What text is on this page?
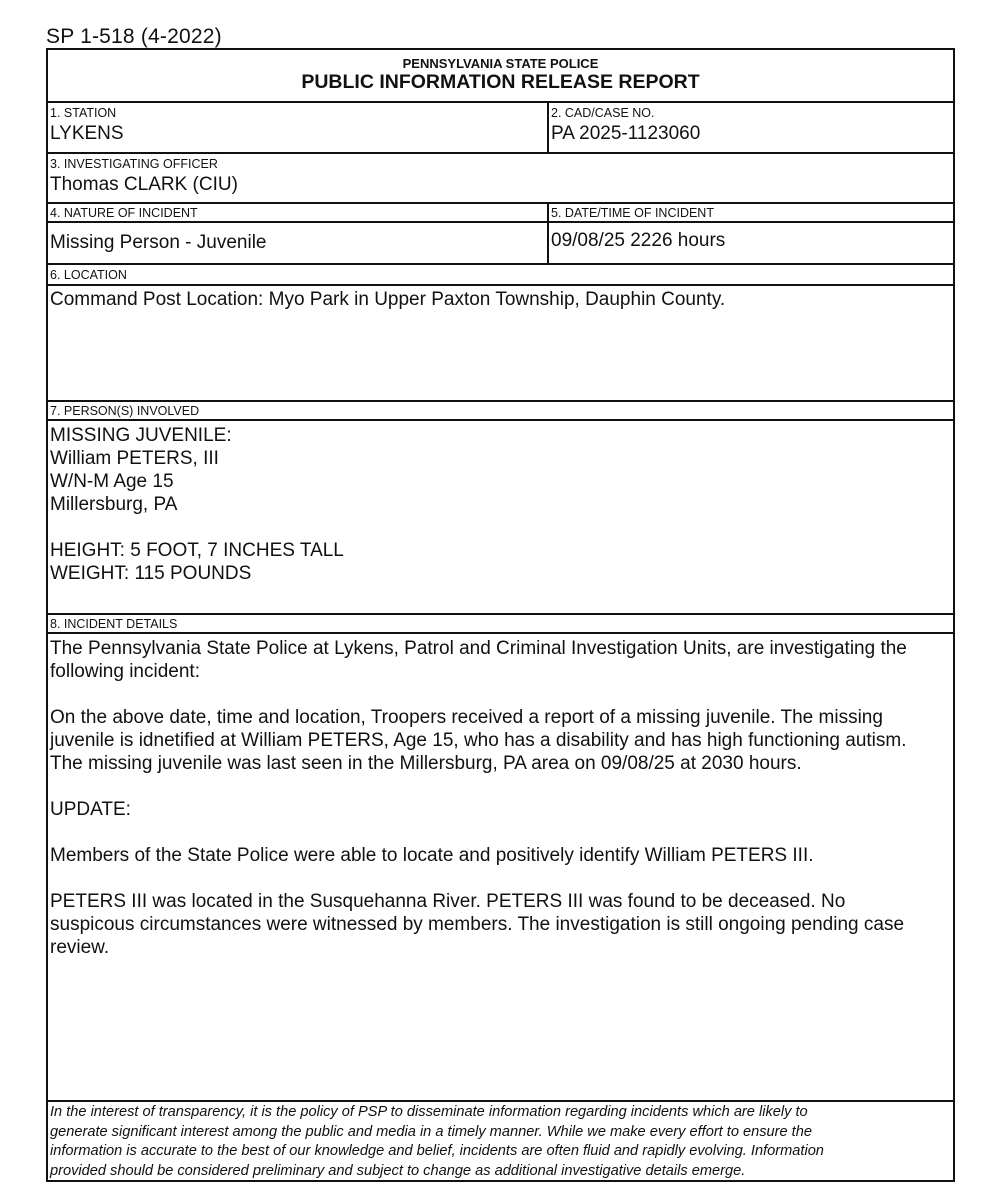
SP 1-518 (4-2022)
PENNSYLVANIA STATE POLICE
PUBLIC INFORMATION RELEASE REPORT
1. STATION
LYKENS
2. CAD/CASE NO.
PA 2025-1123060
3. INVESTIGATING OFFICER
Thomas CLARK (CIU)
4. NATURE OF INCIDENT	5. DATE/TIME OF INCIDENT
Missing Person - Juvenile	09/08/25 2226 hours
6. LOCATION
Command Post Location: Myo Park in Upper Paxton Township, Dauphin County.
7. PERSON(S) INVOLVED
MISSING JUVENILE:
William PETERS, III
W/N-M Age 15
Millersburg, PA
HEIGHT: 5 FOOT, 7 INCHES TALL
WEIGHT: 115 POUNDS
8. INCIDENT DETAILS
The Pennsylvania State Police at Lykens, Patrol and Criminal Investigation Units, are investigating the
following incident:
On the above date, time and location, Troopers received a report of a missing juvenile. The missing
juvenile is idnetified at William PETERS, Age 15, who has a disability and has high functioning autism.
The missing juvenile was last seen in the Millersburg, PA area on 09/08/25 at 2030 hours.
UPDATE:
Members of the State Police were able to locate and positively identify William PETERS III.
PETERS III was located in the Susquehanna River. PETERS III was found to be deceased. No
suspicous circumstances were witnessed by members. The investigation is still ongoing pending case
review.
In the interest of transparency, it is the policy of PSP to disseminate information regarding incidents which are likely to
generate significant interest among the public and media in a timely manner. While we make every effort to ensure the
information is accurate to the best of our knowledge and belief, incidents are often fluid and rapidly evolving. Information
provided should be considered preliminary and subject to change as additional investigative details emerge.
